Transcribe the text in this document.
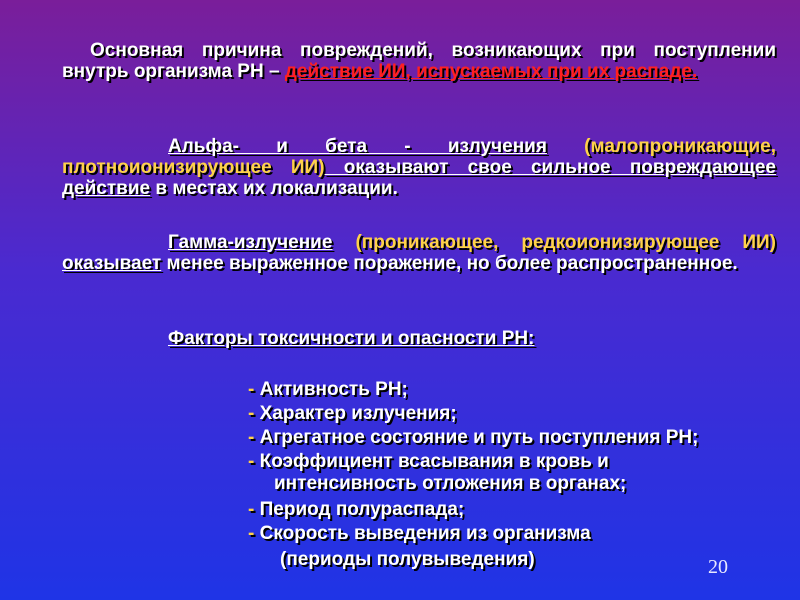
Основная причина повреждений, возникающих при поступлении внутрь организма РН – действие ИИ, испускаемых при их распаде.
Альфа- и бета - излучения (малопроникающие, плотноионизирующее ИИ) оказывают свое сильное повреждающее действие в местах их локализации.
Гамма-излучение (проникающее, редкоионизирующее ИИ) оказывает менее выраженное поражение, но более распространенное.
Факторы токсичности и опасности РН:
- Активность РН;
- Характер излучения;
- Агрегатное состояние и путь поступления РН;
- Коэффициент всасывания в кровь и
интенсивность отложения в органах;
- Период полураспада;
- Скорость выведения из организма
(периоды полувыведения)	20
